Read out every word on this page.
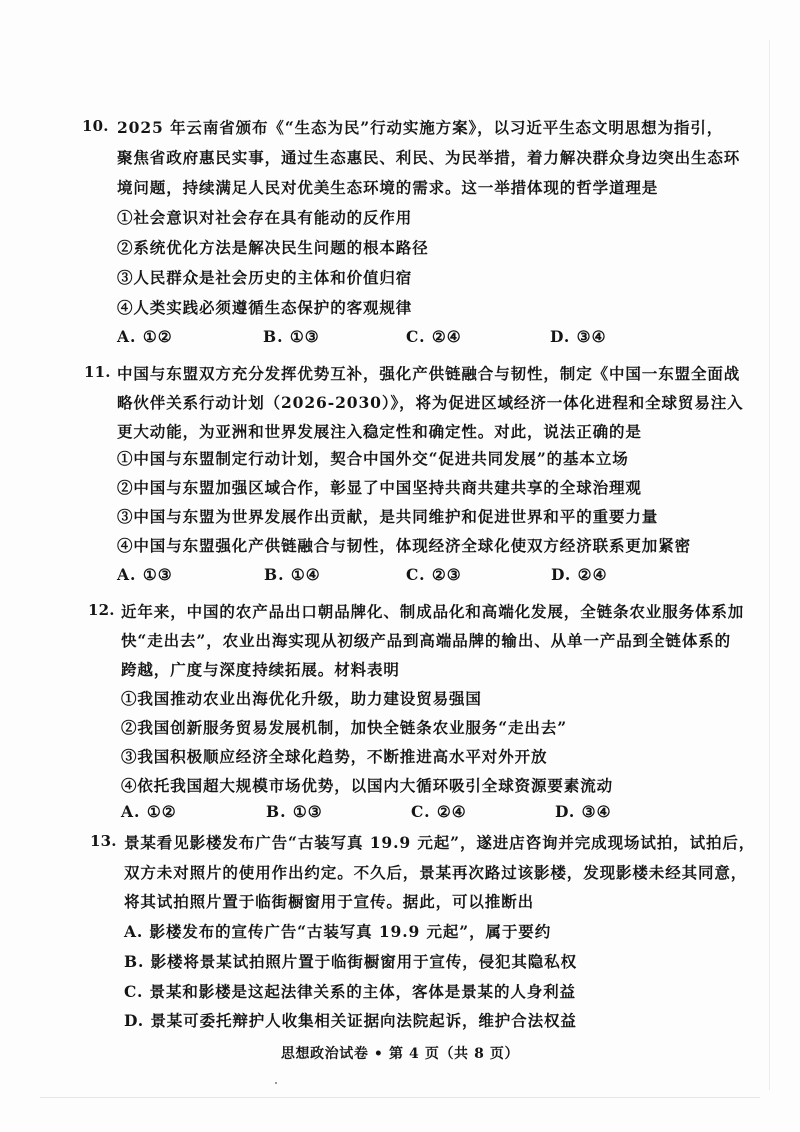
10. 2025 年云南省颁布《“生态为民”行动实施方案》，以习近平生态文明思想为指引，
聚焦省政府惠民实事，通过生态惠民、利民、为民举措，着力解决群众身边突出生态环
境问题，持续满足人民对优美生态环境的需求。这一举措体现的哲学道理是
①社会意识对社会存在具有能动的反作用
②系统优化方法是解决民生问题的根本路径
③人民群众是社会历史的主体和价值归宿
④人类实践必须遵循生态保护的客观规律
A. ①②	B. ①③	C. ②④	D. ③④
11. 中国与东盟双方充分发挥优势互补，强化产供链融合与韧性，制定《中国一东盟全面战
略伙伴关系行动计划（2026-2030）》，将为促进区域经济一体化进程和全球贸易注入
更大动能，为亚洲和世界发展注入稳定性和确定性。对此，说法正确的是
①中国与东盟制定行动计划，契合中国外交“促进共同发展”的基本立场
②中国与东盟加强区域合作，彰显了中国坚持共商共建共享的全球治理观
③中国与东盟为世界发展作出贡献，是共同维护和促进世界和平的重要力量
④中国与东盟强化产供链融合与韧性，体现经济全球化使双方经济联系更加紧密
A. ①③	B. ①④	C. ②③	D. ②④
12. 近年来，中国的农产品出口朝品牌化、制成品化和高端化发展，全链条农业服务体系加
快“走出去”，农业出海实现从初级产品到高端品牌的输出、从单一产品到全链体系的
跨越，广度与深度持续拓展。材料表明
①我国推动农业出海优化升级，助力建设贸易强国
②我国创新服务贸易发展机制，加快全链条农业服务“走出去”
③我国积极顺应经济全球化趋势，不断推进高水平对外开放
④依托我国超大规模市场优势，以国内大循环吸引全球资源要素流动
A. ①②	B. ①③	C. ②④	D. ③④
13. 景某看见影楼发布广告“古装写真 19.9 元起”，遂进店咨询并完成现场试拍，试拍后，
双方未对照片的使用作出约定。不久后，景某再次路过该影楼，发现影楼未经其同意，
将其试拍照片置于临街橱窗用于宣传。据此，可以推断出
A. 影楼发布的宣传广告“古装写真 19.9 元起”，属于要约
B. 影楼将景某试拍照片置于临街橱窗用于宣传，侵犯其隐私权
C. 景某和影楼是这起法律关系的主体，客体是景某的人身利益
D. 景某可委托辩护人收集相关证据向法院起诉，维护合法权益
思想政治试卷 • 第 4 页（共 8 页）
